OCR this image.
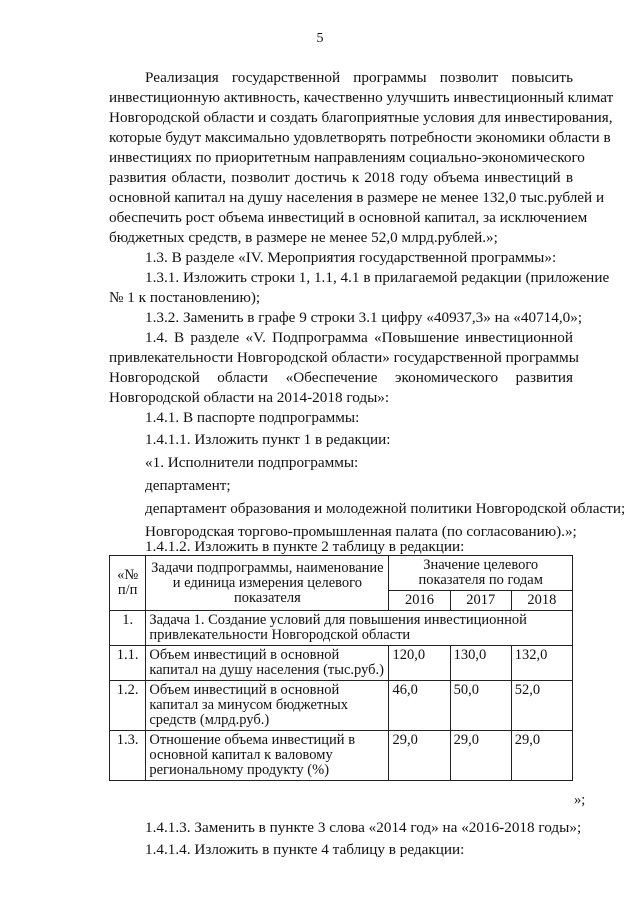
5
Реализация государственной программы позволит повысить
инвестиционную активность, качественно улучшить инвестиционный климат
Новгородской области и создать благоприятные условия для инвестирования,
которые будут максимально удовлетворять потребности экономики области в
инвестициях по приоритетным направлениям социально-экономического
развития области, позволит достичь к 2018 году объема инвестиций в
основной капитал на душу населения в размере не менее 132,0 тыс.рублей и
обеспечить рост объема инвестиций в основной капитал, за исключением
бюджетных средств, в размере не менее 52,0 млрд.рублей.»;
1.3. В разделе «IV. Мероприятия государственной программы»:
1.3.1. Изложить строки 1, 1.1, 4.1 в прилагаемой редакции (приложение
№ 1 к постановлению);
1.3.2. Заменить в графе 9 строки 3.1 цифру «40937,3» на «40714,0»;
1.4. В разделе «V. Подпрограмма «Повышение инвестиционной
привлекательности Новгородской области» государственной программы
Новгородской области «Обеспечение экономического развития
Новгородской области на 2014-2018 годы»:
1.4.1. В паспорте подпрограммы:
1.4.1.1. Изложить пункт 1 в редакции:
«1. Исполнители подпрограммы:
департамент;
департамент образования и молодежной политики Новгородской области;
Новгородская торгово-промышленная палата (по согласованию).»;
1.4.1.2. Изложить в пункте 2 таблицу в редакции:
«№ п/п	Задачи подпрограммы, наименование и единица измерения целевого показателя	Значение целевого показателя по годам		
		2016	2017	2018
1.	Задача 1. Создание условий для повышения инвестиционной привлекательности Новгородской области			
1.1.	Объем инвестиций в основной капитал на душу населения (тыс.руб.)	120,0	130,0	132,0
1.2.	Объем инвестиций в основной капитал за минусом бюджетных средств (млрд.руб.)	46,0	50,0	52,0
1.3.	Отношение объема инвестиций в основной капитал к валовому региональному продукту (%)	29,0	29,0	29,0
»;
1.4.1.3. Заменить в пункте 3 слова «2014 год» на «2016-2018 годы»;
1.4.1.4. Изложить в пункте 4 таблицу в редакции:
